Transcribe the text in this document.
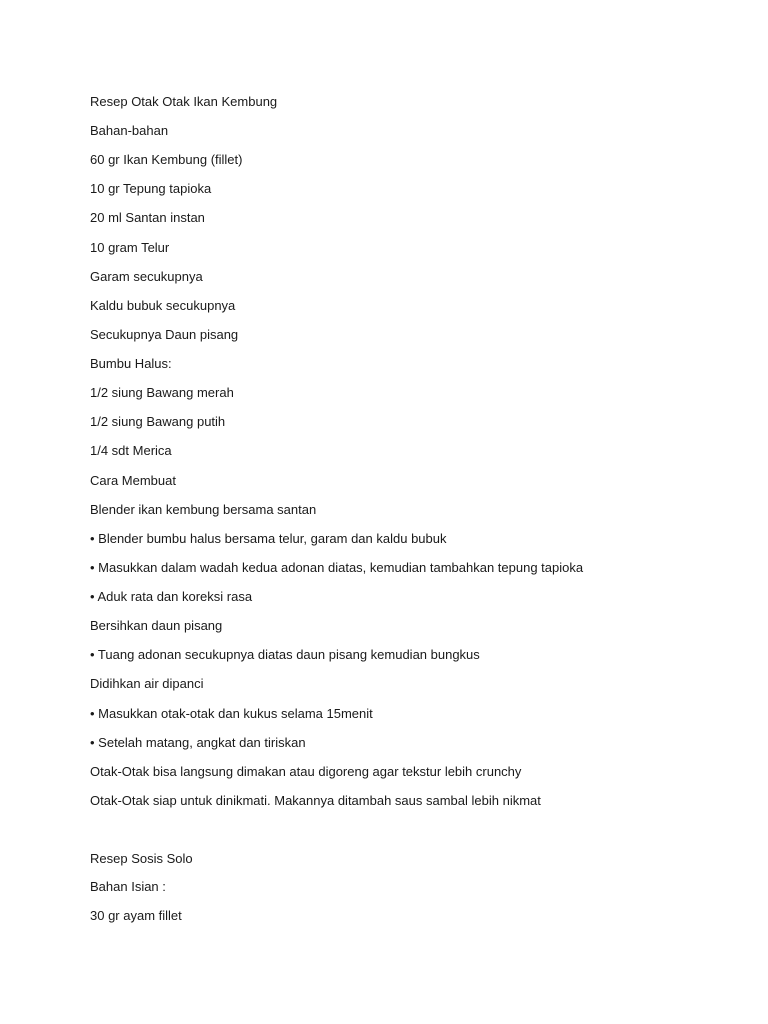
Resep Otak Otak Ikan Kembung
Bahan-bahan
60 gr Ikan Kembung (fillet)
10 gr Tepung tapioka
20 ml Santan instan
10 gram Telur
Garam secukupnya
Kaldu bubuk secukupnya
Secukupnya Daun pisang
Bumbu Halus:
1/2 siung Bawang merah
1/2 siung Bawang putih
1/4 sdt Merica
Cara Membuat
Blender ikan kembung bersama santan
• Blender bumbu halus bersama telur, garam dan kaldu bubuk
• Masukkan dalam wadah kedua adonan diatas, kemudian tambahkan tepung tapioka
• Aduk rata dan koreksi rasa
Bersihkan daun pisang
• Tuang adonan secukupnya diatas daun pisang kemudian bungkus
Didihkan air dipanci
• Masukkan otak-otak dan kukus selama 15menit
• Setelah matang, angkat dan tiriskan
Otak-Otak bisa langsung dimakan atau digoreng agar tekstur lebih crunchy
Otak-Otak siap untuk dinikmati. Makannya ditambah saus sambal lebih nikmat
Resep Sosis Solo
Bahan Isian :
30 gr ayam fillet
